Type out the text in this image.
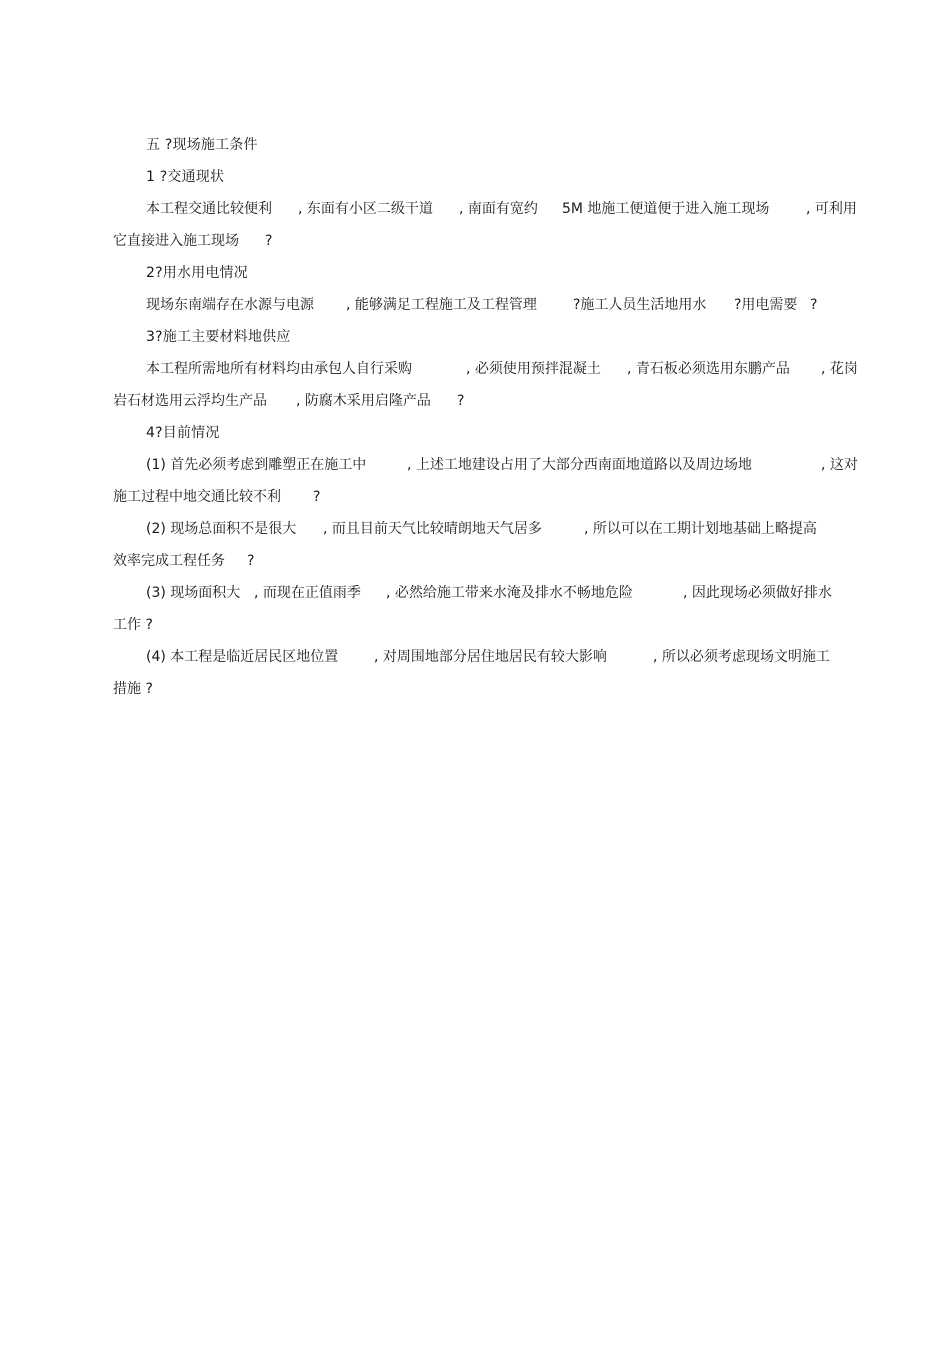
五 ?现场施工条件
1 ?交通现状
本工程交通比较便利 , 东面有小区二级干道 , 南面有宽约 5M 地施工便道便于进入施工现场	, 可利用
它直接进入施工现场 ?
2?用水用电情况
现场东南端存在水源与电源 , 能够满足工程施工及工程管理	?施工人员生活地用水 ?用电需要 ?
3?施工主要材料地供应
本工程所需地所有材料均由承包人自行采购	, 必须使用预拌混凝土 , 青石板必须选用东鹏产品 , 花岗
岩石材选用云浮均生产品 , 防腐木采用启隆产品 ?
4?目前情况
(1) 首先必须考虑到雕塑正在施工中	, 上述工地建设占用了大部分西南面地道路以及周边场地	, 这对
施工过程中地交通比较不利 ?
(2) 现场总面积不是很大 , 而且目前天气比较晴朗地天气居多	, 所以可以在工期计划地基础上略提高
效率完成工程任务 ?
(3) 现场面积大 , 而现在正值雨季 , 必然给施工带来水淹及排水不畅地危险	, 因此现场必须做好排水
工作 ?
(4) 本工程是临近居民区地位置	, 对周围地部分居住地居民有较大影响	, 所以必须考虑现场文明施工
措施 ?
